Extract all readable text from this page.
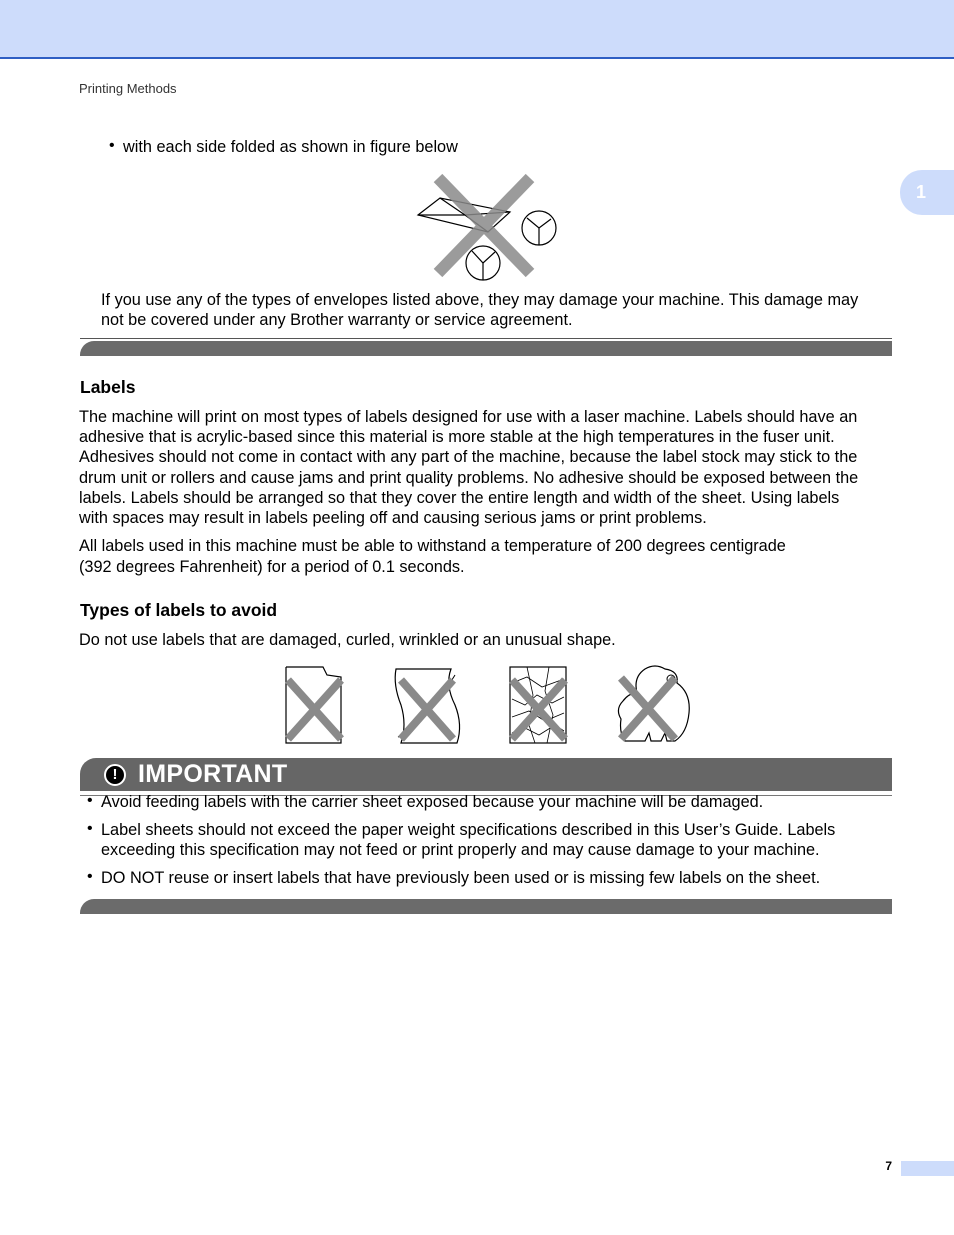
Printing Methods
1
• with each side folded as shown in figure below
If you use any of the types of envelopes listed above, they may damage your machine. This damage may
not be covered under any Brother warranty or service agreement.
Labels
The machine will print on most types of labels designed for use with a laser machine. Labels should have an
adhesive that is acrylic-based since this material is more stable at the high temperatures in the fuser unit.
Adhesives should not come in contact with any part of the machine, because the label stock may stick to the
drum unit or rollers and cause jams and print quality problems. No adhesive should be exposed between the
labels. Labels should be arranged so that they cover the entire length and width of the sheet. Using labels
with spaces may result in labels peeling off and causing serious jams or print problems.
All labels used in this machine must be able to withstand a temperature of 200 degrees centigrade
(392 degrees Fahrenheit) for a period of 0.1 seconds.
Types of labels to avoid
Do not use labels that are damaged, curled, wrinkled or an unusual shape.
! IMPORTANT
• Avoid feeding labels with the carrier sheet exposed because your machine will be damaged.
• Label sheets should not exceed the paper weight specifications described in this User’s Guide. Labels
exceeding this specification may not feed or print properly and may cause damage to your machine.
• DO NOT reuse or insert labels that have previously been used or is missing few labels on the sheet.
7
